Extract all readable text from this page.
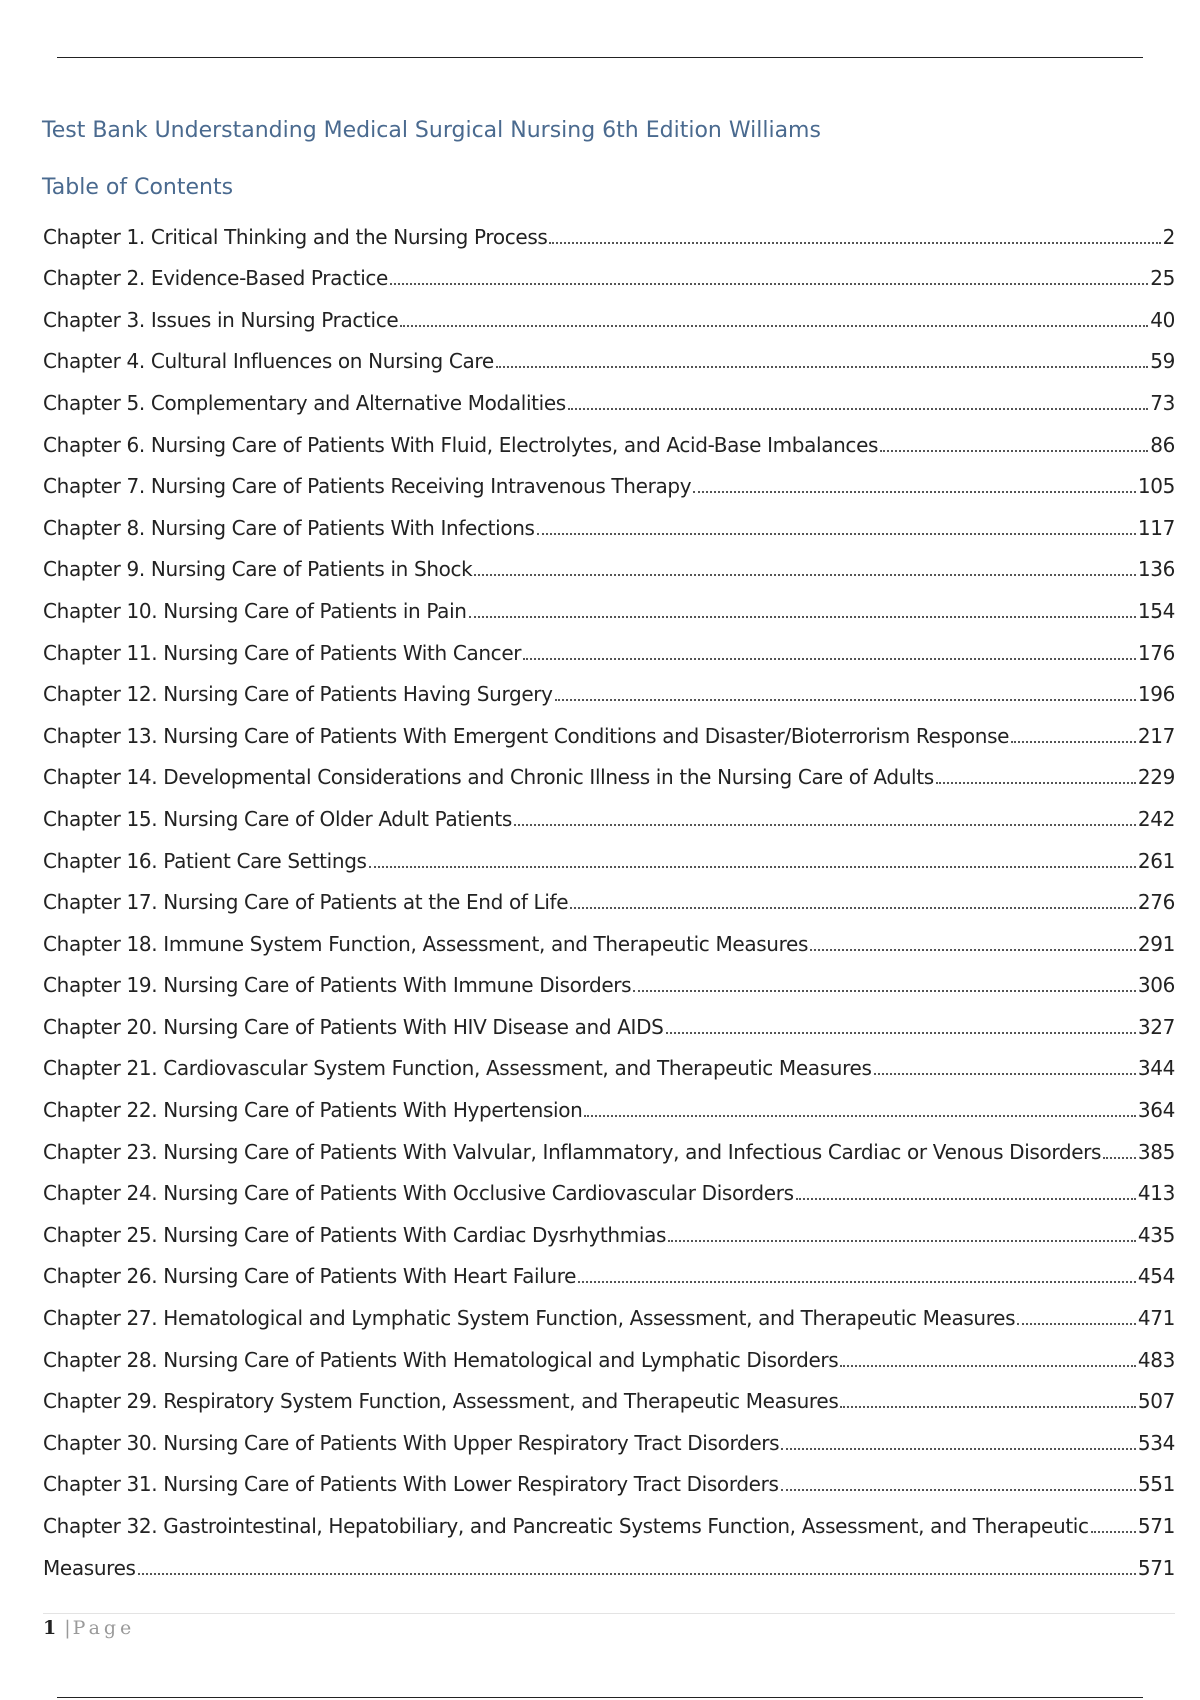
Test Bank Understanding Medical Surgical Nursing 6th Edition Williams
Table of Contents
Chapter 1. Critical Thinking and the Nursing Process	2
Chapter 2. Evidence-Based Practice	25
Chapter 3. Issues in Nursing Practice	40
Chapter 4. Cultural Influences on Nursing Care	59
Chapter 5. Complementary and Alternative Modalities	73
Chapter 6. Nursing Care of Patients With Fluid, Electrolytes, and Acid-Base Imbalances	86
Chapter 7. Nursing Care of Patients Receiving Intravenous Therapy	105
Chapter 8. Nursing Care of Patients With Infections	117
Chapter 9. Nursing Care of Patients in Shock	136
Chapter 10. Nursing Care of Patients in Pain	154
Chapter 11. Nursing Care of Patients With Cancer	176
Chapter 12. Nursing Care of Patients Having Surgery	196
Chapter 13. Nursing Care of Patients With Emergent Conditions and Disaster/Bioterrorism Response	217
Chapter 14. Developmental Considerations and Chronic Illness in the Nursing Care of Adults	229
Chapter 15. Nursing Care of Older Adult Patients	242
Chapter 16. Patient Care Settings	261
Chapter 17. Nursing Care of Patients at the End of Life	276
Chapter 18. Immune System Function, Assessment, and Therapeutic Measures	291
Chapter 19. Nursing Care of Patients With Immune Disorders	306
Chapter 20. Nursing Care of Patients With HIV Disease and AIDS	327
Chapter 21. Cardiovascular System Function, Assessment, and Therapeutic Measures	344
Chapter 22. Nursing Care of Patients With Hypertension	364
Chapter 23. Nursing Care of Patients With Valvular, Inflammatory, and Infectious Cardiac or Venous Disorders 385
Chapter 24. Nursing Care of Patients With Occlusive Cardiovascular Disorders	413
Chapter 25. Nursing Care of Patients With Cardiac Dysrhythmias	435
Chapter 26. Nursing Care of Patients With Heart Failure	454
Chapter 27. Hematological and Lymphatic System Function, Assessment, and Therapeutic Measures	471
Chapter 28. Nursing Care of Patients With Hematological and Lymphatic Disorders	483
Chapter 29. Respiratory System Function, Assessment, and Therapeutic Measures	507
Chapter 30. Nursing Care of Patients With Upper Respiratory Tract Disorders	534
Chapter 31. Nursing Care of Patients With Lower Respiratory Tract Disorders	551
Chapter 32. Gastrointestinal, Hepatobiliary, and Pancreatic Systems Function, Assessment, and Therapeutic 571
Measures	571
1 | Page
